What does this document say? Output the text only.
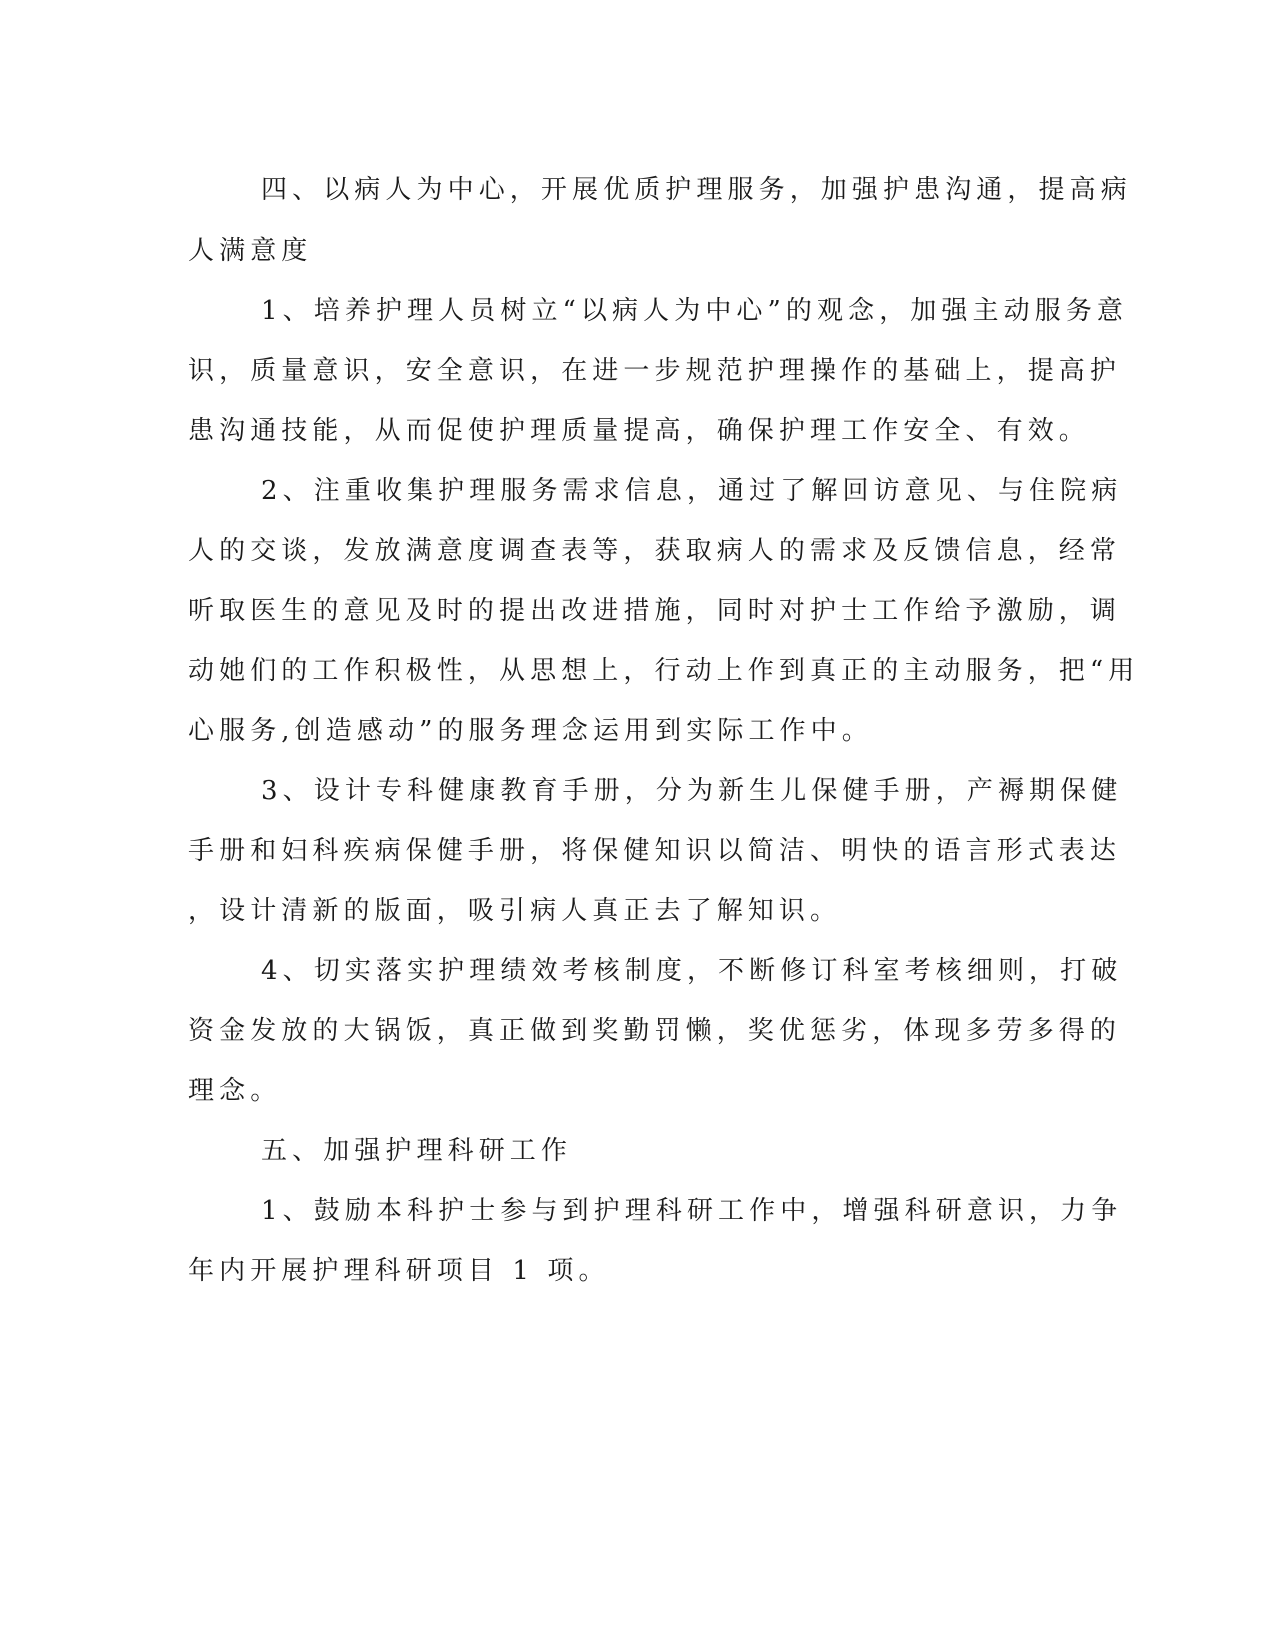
四、以病人为中心，开展优质护理服务，加强护患沟通，提高病
人满意度
1、培养护理人员树立“以病人为中心”的观念，加强主动服务意
识，质量意识，安全意识，在进一步规范护理操作的基础上，提高护
患沟通技能，从而促使护理质量提高，确保护理工作安全、有效。
2、注重收集护理服务需求信息，通过了解回访意见、与住院病
人的交谈，发放满意度调查表等，获取病人的需求及反馈信息，经常
听取医生的意见及时的提出改进措施，同时对护士工作给予激励，调
动她们的工作积极性，从思想上，行动上作到真正的主动服务，把“用
心服务,创造感动”的服务理念运用到实际工作中。
3、设计专科健康教育手册，分为新生儿保健手册，产褥期保健
手册和妇科疾病保健手册，将保健知识以简洁、明快的语言形式表达
，设计清新的版面，吸引病人真正去了解知识。
4、切实落实护理绩效考核制度，不断修订科室考核细则，打破
资金发放的大锅饭，真正做到奖勤罚懒，奖优惩劣，体现多劳多得的
理念。
五、加强护理科研工作
1、鼓励本科护士参与到护理科研工作中，增强科研意识，力争
年内开展护理科研项目 1 项。
